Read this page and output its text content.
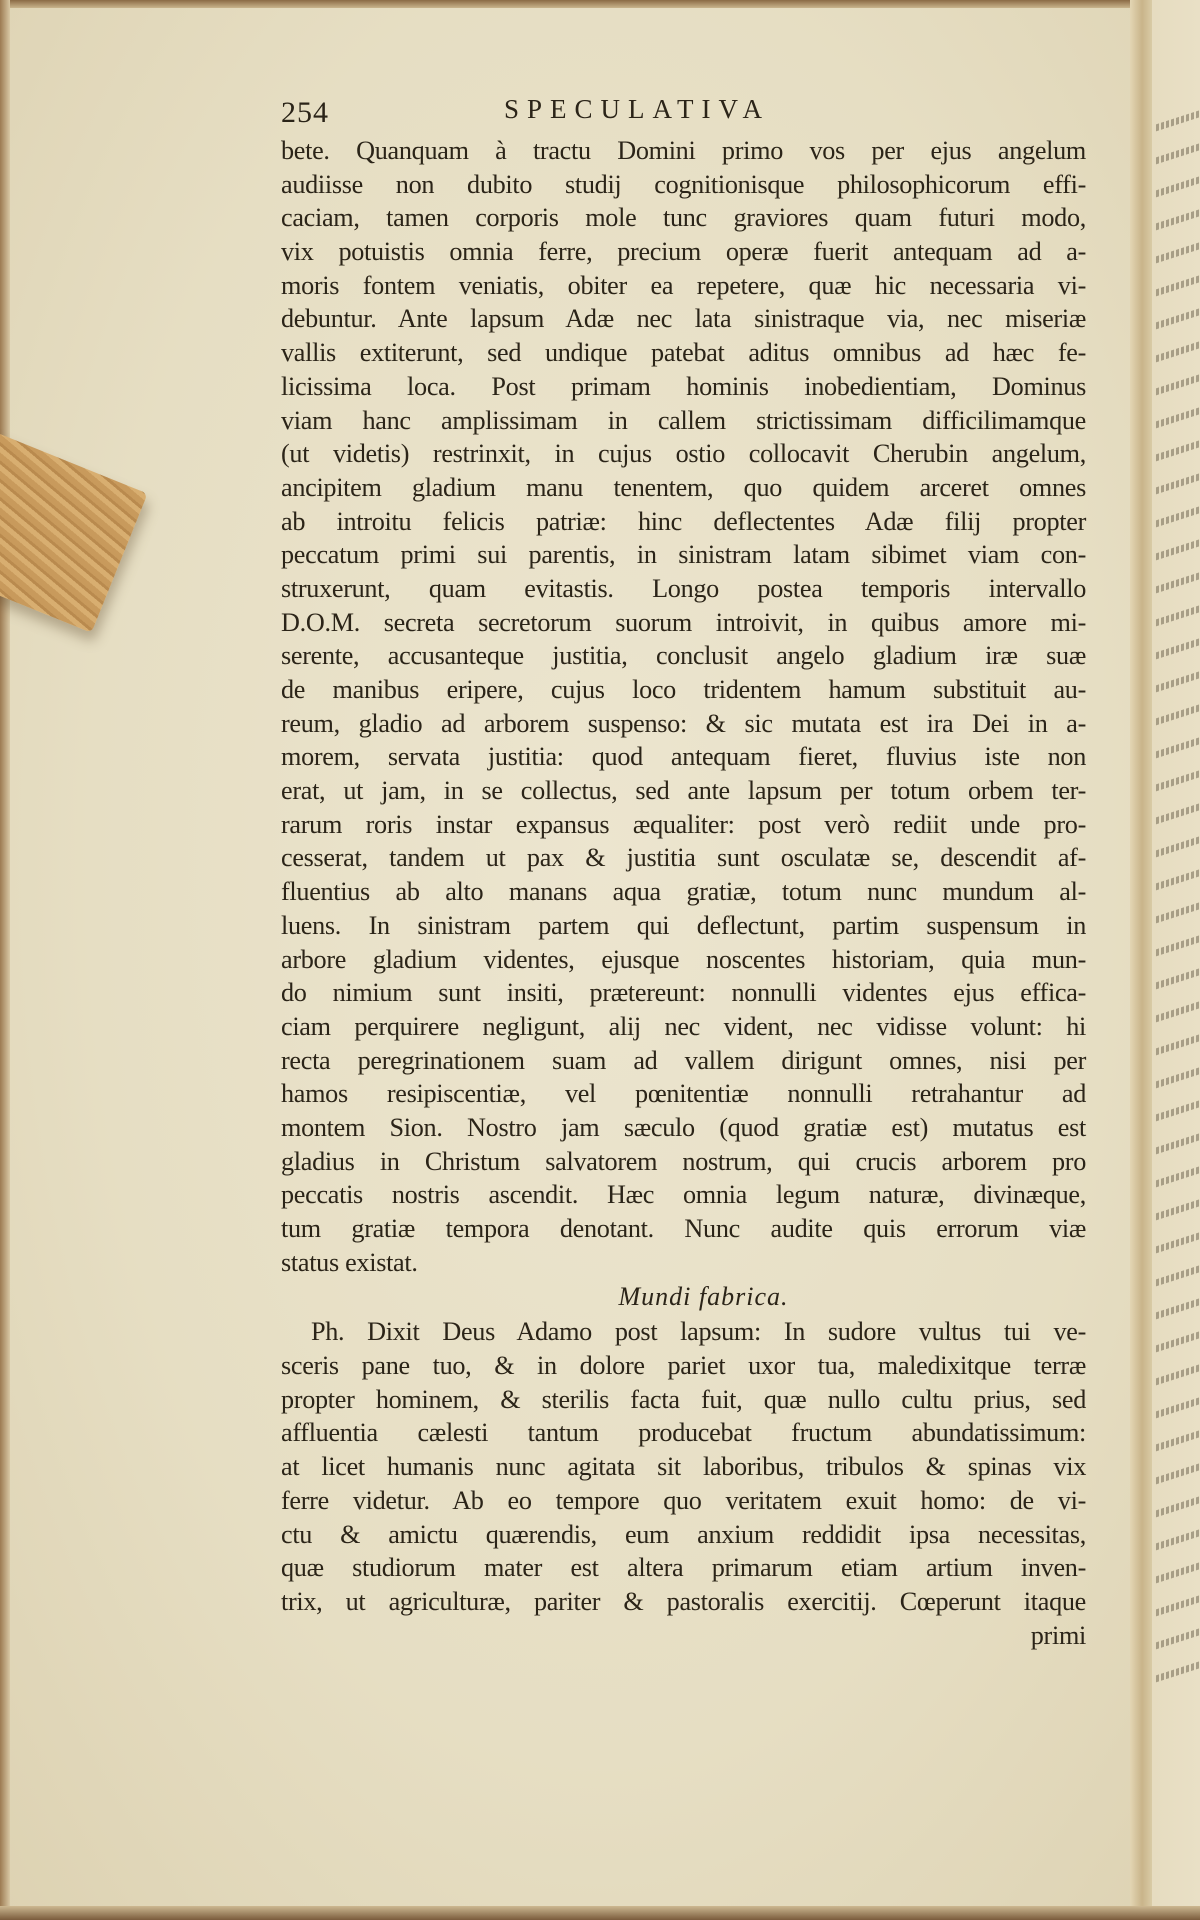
254	SPECULATIVA
bete. Quanquam à tractu Domini primo vos per ejus angelum
audiisse non dubito studij cognitionisque philosophicorum effi-
caciam, tamen corporis mole tunc graviores quam futuri modo,
vix potuistis omnia ferre, precium operæ fuerit antequam ad a-
moris fontem veniatis, obiter ea repetere, quæ hic necessaria vi-
debuntur. Ante lapsum Adæ nec lata sinistraque via, nec miseriæ
vallis extiterunt, sed undique patebat aditus omnibus ad hæc fe-
licissima loca. Post primam hominis inobedientiam, Dominus
viam hanc amplissimam in callem strictissimam difficilimamque
(ut videtis) restrinxit, in cujus ostio collocavit Cherubin angelum,
ancipitem gladium manu tenentem, quo quidem arceret omnes
ab introitu felicis patriæ: hinc deflectentes Adæ filij propter
peccatum primi sui parentis, in sinistram latam sibimet viam con-
struxerunt, quam evitastis. Longo postea temporis intervallo
D.O.M. secreta secretorum suorum introivit, in quibus amore mi-
serente, accusanteque justitia, conclusit angelo gladium iræ suæ
de manibus eripere, cujus loco tridentem hamum substituit au-
reum, gladio ad arborem suspenso: & sic mutata est ira Dei in a-
morem, servata justitia: quod antequam fieret, fluvius iste non
erat, ut jam, in se collectus, sed ante lapsum per totum orbem ter-
rarum roris instar expansus æqualiter: post verò rediit unde pro-
cesserat, tandem ut pax & justitia sunt osculatæ se, descendit af-
fluentius ab alto manans aqua gratiæ, totum nunc mundum al-
luens. In sinistram partem qui deflectunt, partim suspensum in
arbore gladium videntes, ejusque noscentes historiam, quia mun-
do nimium sunt insiti, prætereunt: nonnulli videntes ejus effica-
ciam perquirere negligunt, alij nec vident, nec vidisse volunt: hi
recta peregrinationem suam ad vallem dirigunt omnes, nisi per
hamos resipiscentiæ, vel pœnitentiæ nonnulli retrahantur ad
montem Sion. Nostro jam sæculo (quod gratiæ est) mutatus est
gladius in Christum salvatorem nostrum, qui crucis arborem pro
peccatis nostris ascendit. Hæc omnia legum naturæ, divinæque,
tum gratiæ tempora denotant. Nunc audite quis errorum viæ
status existat.
Mundi fabrica.
Ph. Dixit Deus Adamo post lapsum: In sudore vultus tui ve-
sceris pane tuo, & in dolore pariet uxor tua, maledixitque terræ
propter hominem, & sterilis facta fuit, quæ nullo cultu prius, sed
affluentia cælesti tantum producebat fructum abundatissimum:
at licet humanis nunc agitata sit laboribus, tribulos & spinas vix
ferre videtur. Ab eo tempore quo veritatem exuit homo: de vi-
ctu & amictu quærendis, eum anxium reddidit ipsa necessitas,
quæ studiorum mater est altera primarum etiam artium inven-
trix, ut agriculturæ, pariter & pastoralis exercitij. Cœperunt itaque
primi
